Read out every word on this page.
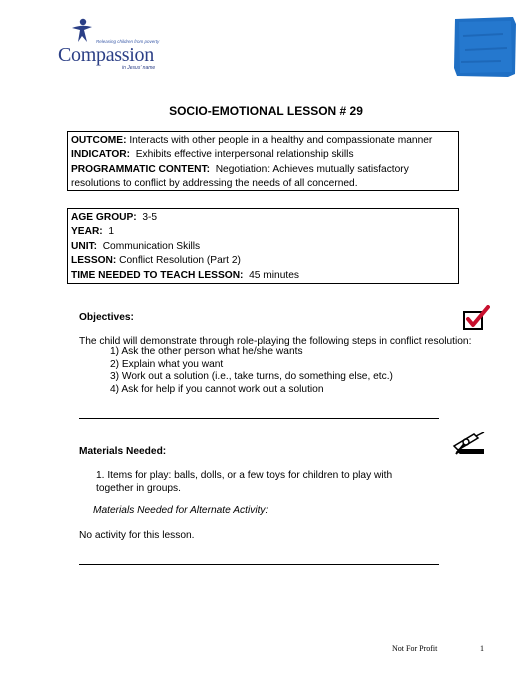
Releasing children from poverty
Compassion
in Jesus' name
SOCIO-EMOTIONAL LESSON # 29
OUTCOME: Interacts with other people in a healthy and compassionate manner
INDICATOR: Exhibits effective interpersonal relationship skills
PROGRAMMATIC CONTENT: Negotiation: Achieves mutually satisfactory
resolutions to conflict by addressing the needs of all concerned.
AGE GROUP: 3-5
YEAR: 1
UNIT: Communication Skills
LESSON: Conflict Resolution (Part 2)
TIME NEEDED TO TEACH LESSON: 45 minutes
Objectives:
The child will demonstrate through role-playing the following steps in conflict resolution:
1) Ask the other person what he/she wants
2) Explain what you want
3) Work out a solution (i.e., take turns, do something else, etc.)
4) Ask for help if you cannot work out a solution
Materials Needed:
1. Items for play: balls, dolls, or a few toys for children to play with
together in groups.
Materials Needed for Alternate Activity:
No activity for this lesson.
Not For Profit	1
